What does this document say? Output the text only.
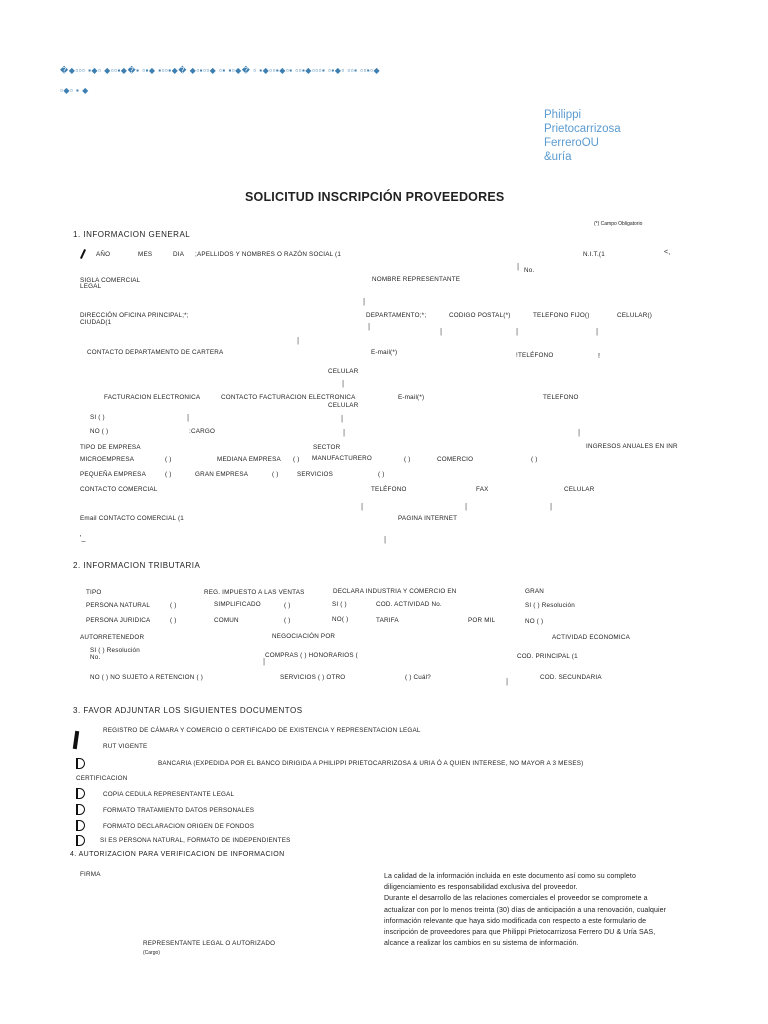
�◆▫▫▫ ▪◆▫ ◆▫▫▪◆�▪ ▫▪◆ ▪▫▫▪◆� ◆▫▪▫▫◆ ▫▪ ▪▫◆� ▫ ▪◆▫▫▪◆▫▪ ▫▫▪◆▫▫▫▪ ▫▪◆▫ ▫▫▪ ▫▫▪▫◆
▫◆▫ ▪ ◆
Philippi
Prietocarrizosa
FerreroOU
&uría
SOLICITUD INSCRIPCIÓN PROVEEDORES
(*) Campo Obligatorio
1. INFORMACION GENERAL
AÑO	MES	DIA ;APELLIDOS Y NOMBRES O RAZÓN SOCIAL (1	N.I.T.(1	<,
SIGLA COMERCIAL
LEGAL
NOMBRE REPRESENTANTE
| No.
|
DIRECCIÓN OFICINA PRINCIPAL;*;
CIUDAD(1
DEPARTAMENTO;*;	CODIGO POSTAL(*)	TELEFONO FIJO()	CELULAR()
|
|	|	|
|
CONTACTO DEPARTAMENTO DE CARTERA	E-mail(*)	!TELÉFONO	!
CELULAR
|
FACTURACION ELECTRONICA	CONTACTO FACTURACION ELECTRONICA
CELULAR
E-mail(*)	TELEFONO
SI ( )	|	|
NO ( )	:CARGO	|	|
TIPO DE EMPRESA	SECTOR	INGRESOS ANUALES EN INR
MICROEMPRESA	( )	MEDIANA EMPRESA ( ) MANUFACTURERO	( )	COMERCIO	( )
PEQUEÑA EMPRESA	( )	GRAN EMPRESA	( )	SERVICIOS	( )
CONTACTO COMERCIAL	TELÉFONO	FAX	CELULAR
|	|	|
Email CONTACTO COMERCIAL (1	PAGINA INTERNET
'_	|
2. INFORMACION TRIBUTARIA
TIPO	REG. IMPUESTO A LAS VENTAS	DECLARA INDUSTRIA Y COMERCIO EN	GRAN
PERSONA NATURAL	( )	SIMPLIFICADO	( )	SI ( )	COD. ACTIVIDAD No.	SI ( ) Resolución
PERSONA JURIDICA	( )	COMUN	( )	NO( )	TARIFA	POR MIL	NO ( )
AUTORRETENEDOR	NEGOCIACIÓN POR	ACTIVIDAD ECONOMICA
SI ( ) Resolución
No.	COMPRAS ( ) HONORARIOS (
|
COD. PRINCIPAL (1
NO ( ) NO SUJETO A RETENCION ( )	SERVICIOS ( ) OTRO	( ) Cuál?	|	COD. SECUNDARIA
3. FAVOR ADJUNTAR LOS SIGUIENTES DOCUMENTOS
REGISTRO DE CÁMARA Y COMERCIO O CERTIFICADO DE EXISTENCIA Y REPRESENTACION LEGAL
RUT VIGENTE
BANCARIA (EXPEDIDA POR EL BANCO DIRIGIDA A PHILIPPI PRIETOCARRIZOSA & URIA Ó A QUIEN INTERESE, NO MAYOR A 3 MESES)
CERTIFICACION
COPIA CEDULA REPRESENTANTE LEGAL
FORMATO TRATAMIENTO DATOS PERSONALES
FORMATO DECLARACION ORIGEN DE FONDOS
SI ES PERSONA NATURAL, FORMATO DE INDEPENDIENTES
4. AUTORIZACION PARA VERIFICACION DE INFORMACION
FIRMA	La calidad de la información incluida en este documento así como su completo diligenciamiento es responsabilidad exclusiva del proveedor.
Durante el desarrollo de las relaciones comerciales el proveedor se compromete a actualizar con por lo menos treinta (30) días de anticipación a una renovación, cualquier información relevante que haya sido modificada con respecto a este formulario de inscripción de proveedores para que Philippi Prietocarrizosa Ferrero DU & Uría SAS, alcance a realizar los cambios en su sistema de información.
REPRESENTANTE LEGAL O AUTORIZADO
(Cargo)
